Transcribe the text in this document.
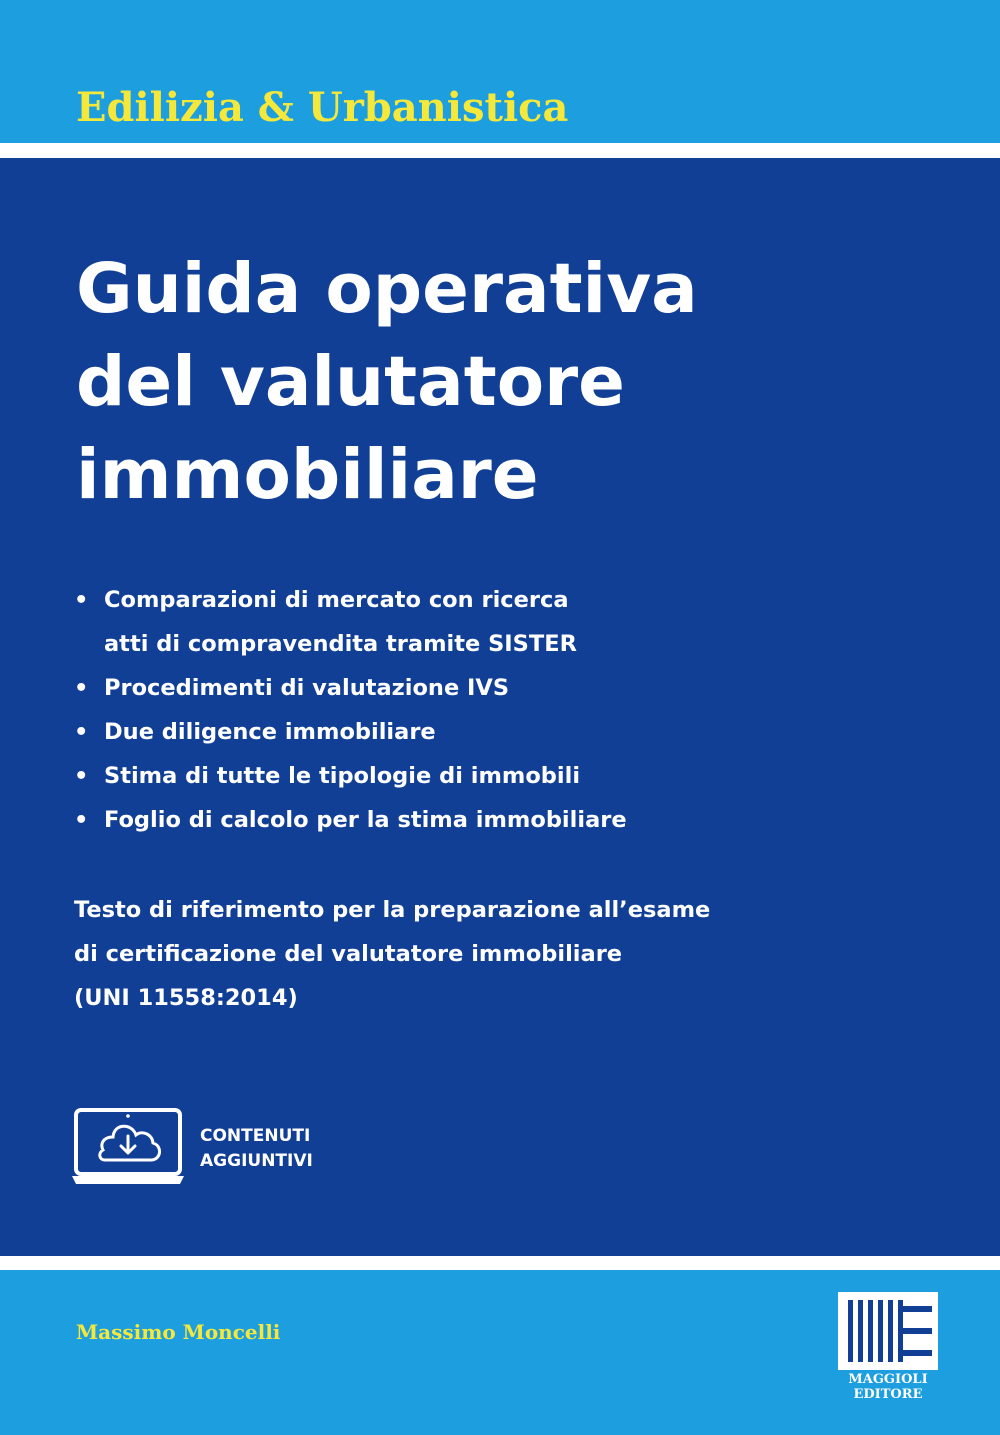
Edilizia & Urbanistica
Guida operativa
del valutatore
immobiliare
• Comparazioni di mercato con ricerca
atti di compravendita tramite SISTER
• Procedimenti di valutazione IVS
• Due diligence immobiliare
• Stima di tutte le tipologie di immobili
• Foglio di calcolo per la stima immobiliare
Testo di riferimento per la preparazione all’esame
di certificazione del valutatore immobiliare
(UNI 11558:2014)
CONTENUTI
AGGIUNTIVI
Massimo Moncelli
MAGGIOLI
EDITORE
